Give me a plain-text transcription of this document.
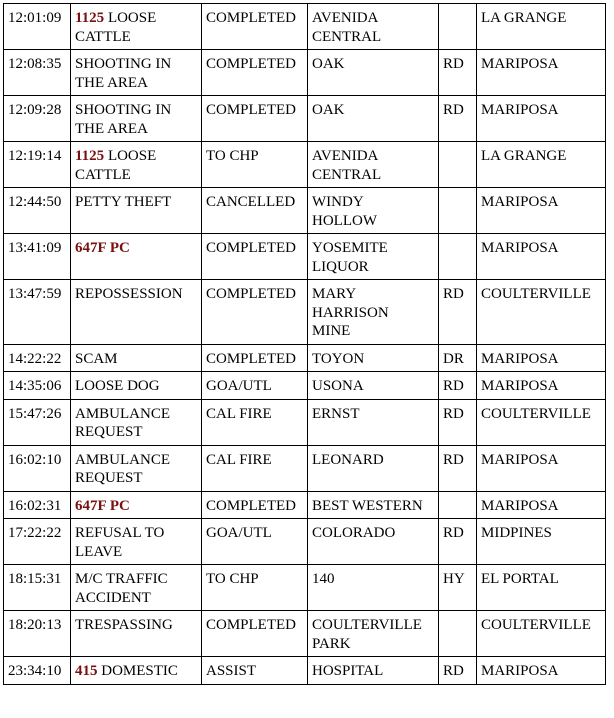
12:01:09	1125 LOOSE
CATTLE	COMPLETED	AVENIDA
CENTRAL		LA GRANGE
12:08:35	SHOOTING IN
THE AREA	COMPLETED	OAK	RD	MARIPOSA
12:09:28	SHOOTING IN
THE AREA	COMPLETED	OAK	RD	MARIPOSA
12:19:14	1125 LOOSE
CATTLE	TO CHP	AVENIDA
CENTRAL		LA GRANGE
12:44:50	PETTY THEFT	CANCELLED	WINDY
HOLLOW		MARIPOSA
13:41:09	647F PC	COMPLETED	YOSEMITE
LIQUOR		MARIPOSA
13:47:59	REPOSSESSION	COMPLETED	MARY
HARRISON
MINE	RD	COULTERVILLE
14:22:22	SCAM	COMPLETED	TOYON	DR	MARIPOSA
14:35:06	LOOSE DOG	GOA/UTL	USONA	RD	MARIPOSA
15:47:26	AMBULANCE
REQUEST	CAL FIRE	ERNST	RD	COULTERVILLE
16:02:10	AMBULANCE
REQUEST	CAL FIRE	LEONARD	RD	MARIPOSA
16:02:31	647F PC	COMPLETED	BEST WESTERN		MARIPOSA
17:22:22	REFUSAL TO
LEAVE	GOA/UTL	COLORADO	RD	MIDPINES
18:15:31	M/C TRAFFIC
ACCIDENT	TO CHP	140	HY	EL PORTAL
18:20:13	TRESPASSING	COMPLETED	COULTERVILLE
PARK		COULTERVILLE
23:34:10	415 DOMESTIC	ASSIST	HOSPITAL	RD	MARIPOSA
